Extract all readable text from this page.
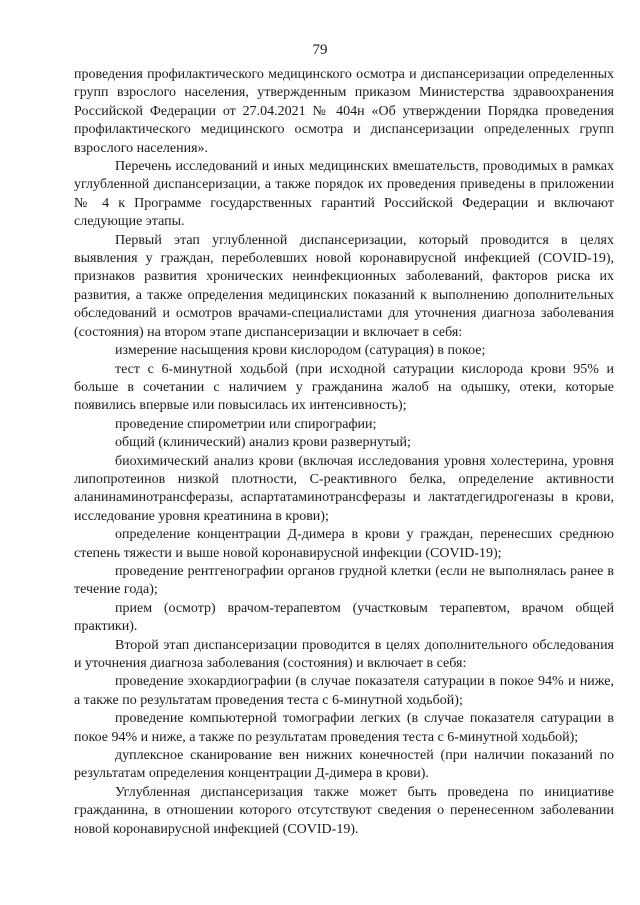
79

проведения профилактического медицинского осмотра и диспансеризации определенных групп взрослого населения, утвержденным приказом Министерства здравоохранения Российской Федерации от 27.04.2021 № 404н «Об утверждении Порядка проведения профилактического медицинского осмотра и диспансеризации определенных групп взрослого населения».

Перечень исследований и иных медицинских вмешательств, проводимых в рамках углубленной диспансеризации, а также порядок их проведения приведены в приложении № 4 к Программе государственных гарантий Российской Федерации и включают следующие этапы.

Первый этап углубленной диспансеризации, который проводится в целях выявления у граждан, переболевших новой коронавирусной инфекцией (COVID-19), признаков развития хронических неинфекционных заболеваний, факторов риска их развития, а также определения медицинских показаний к выполнению дополнительных обследований и осмотров врачами-специалистами для уточнения диагноза заболевания (состояния) на втором этапе диспансеризации и включает в себя:

измерение насыщения крови кислородом (сатурация) в покое;

тест с 6-минутной ходьбой (при исходной сатурации кислорода крови 95% и больше в сочетании с наличием у гражданина жалоб на одышку, отеки, которые появились впервые или повысилась их интенсивность);

проведение спирометрии или спирографии;

общий (клинический) анализ крови развернутый;

биохимический анализ крови (включая исследования уровня холестерина, уровня липопротеинов низкой плотности, С-реактивного белка, определение активности аланинаминотрансферазы, аспартатаминотрансферазы и лактатдегидрогеназы в крови, исследование уровня креатинина в крови);

определение концентрации Д-димера в крови у граждан, перенесших среднюю степень тяжести и выше новой коронавирусной инфекции (COVID-19);

проведение рентгенографии органов грудной клетки (если не выполнялась ранее в течение года);

прием (осмотр) врачом-терапевтом (участковым терапевтом, врачом общей практики).

Второй этап диспансеризации проводится в целях дополнительного обследования и уточнения диагноза заболевания (состояния) и включает в себя:

проведение эхокардиографии (в случае показателя сатурации в покое 94% и ниже, а также по результатам проведения теста с 6-минутной ходьбой);

проведение компьютерной томографии легких (в случае показателя сатурации в покое 94% и ниже, а также по результатам проведения теста с 6-минутной ходьбой);

дуплексное сканирование вен нижних конечностей (при наличии показаний по результатам определения концентрации Д-димера в крови).

Углубленная диспансеризация также может быть проведена по инициативе гражданина, в отношении которого отсутствуют сведения о перенесенном заболевании новой коронавирусной инфекцией (COVID-19).
